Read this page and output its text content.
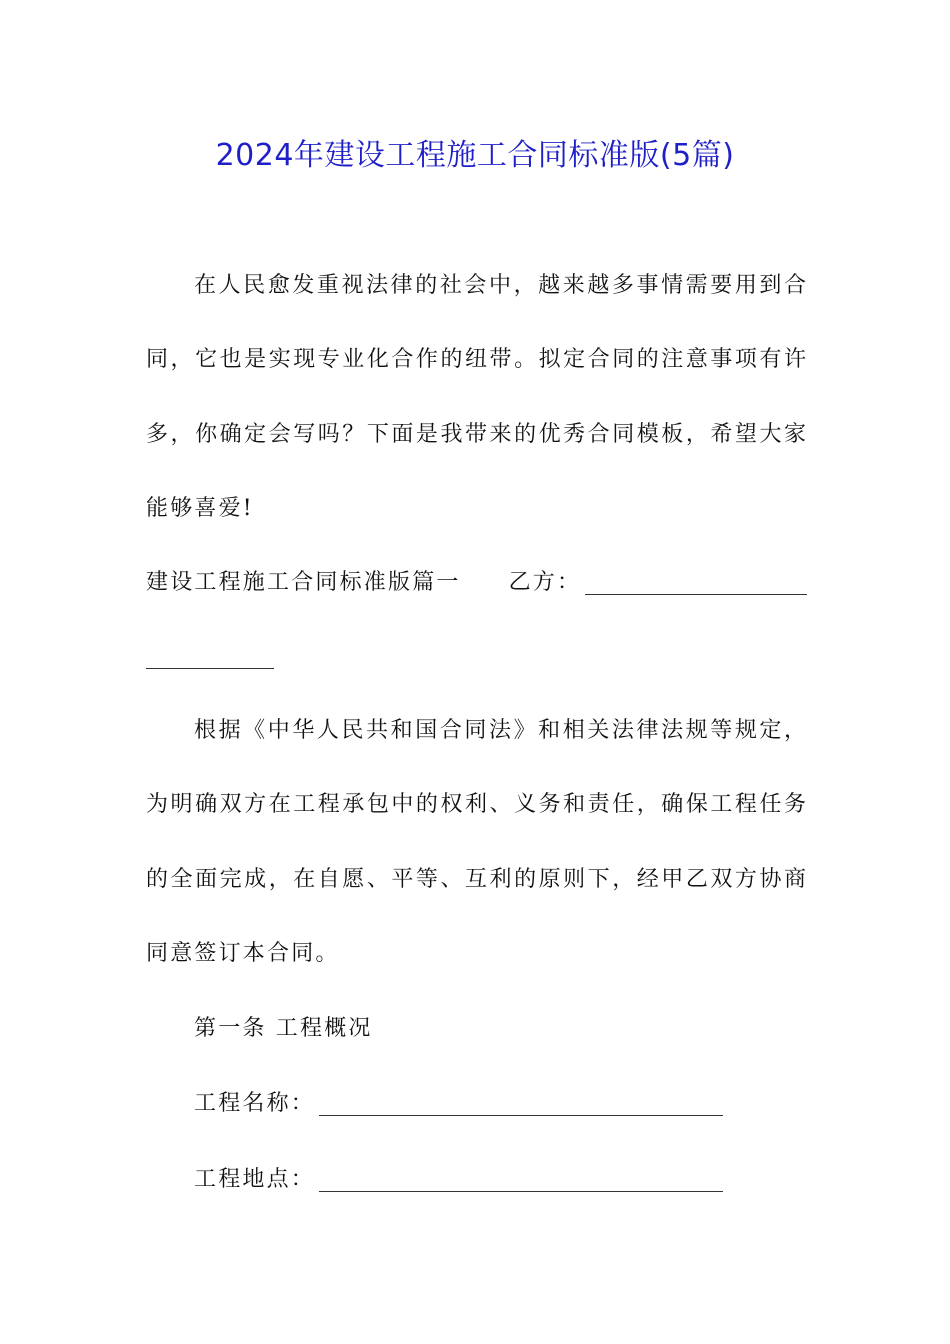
2024年建设工程施工合同标准版(5篇)
在人民愈发重视法律的社会中，越来越多事情需要用到合
同，它也是实现专业化合作的纽带。拟定合同的注意事项有许
多，你确定会写吗？下面是我带来的优秀合同模板，希望大家
能够喜爱!
建设工程施工合同标准版篇一 乙方：
根据《中华人民共和国合同法》和相关法律法规等规定，
为明确双方在工程承包中的权利、义务和责任，确保工程任务
的全面完成，在自愿、平等、互利的原则下，经甲乙双方协商
同意签订本合同。
第一条 工程概况
工程名称：
工程地点：
